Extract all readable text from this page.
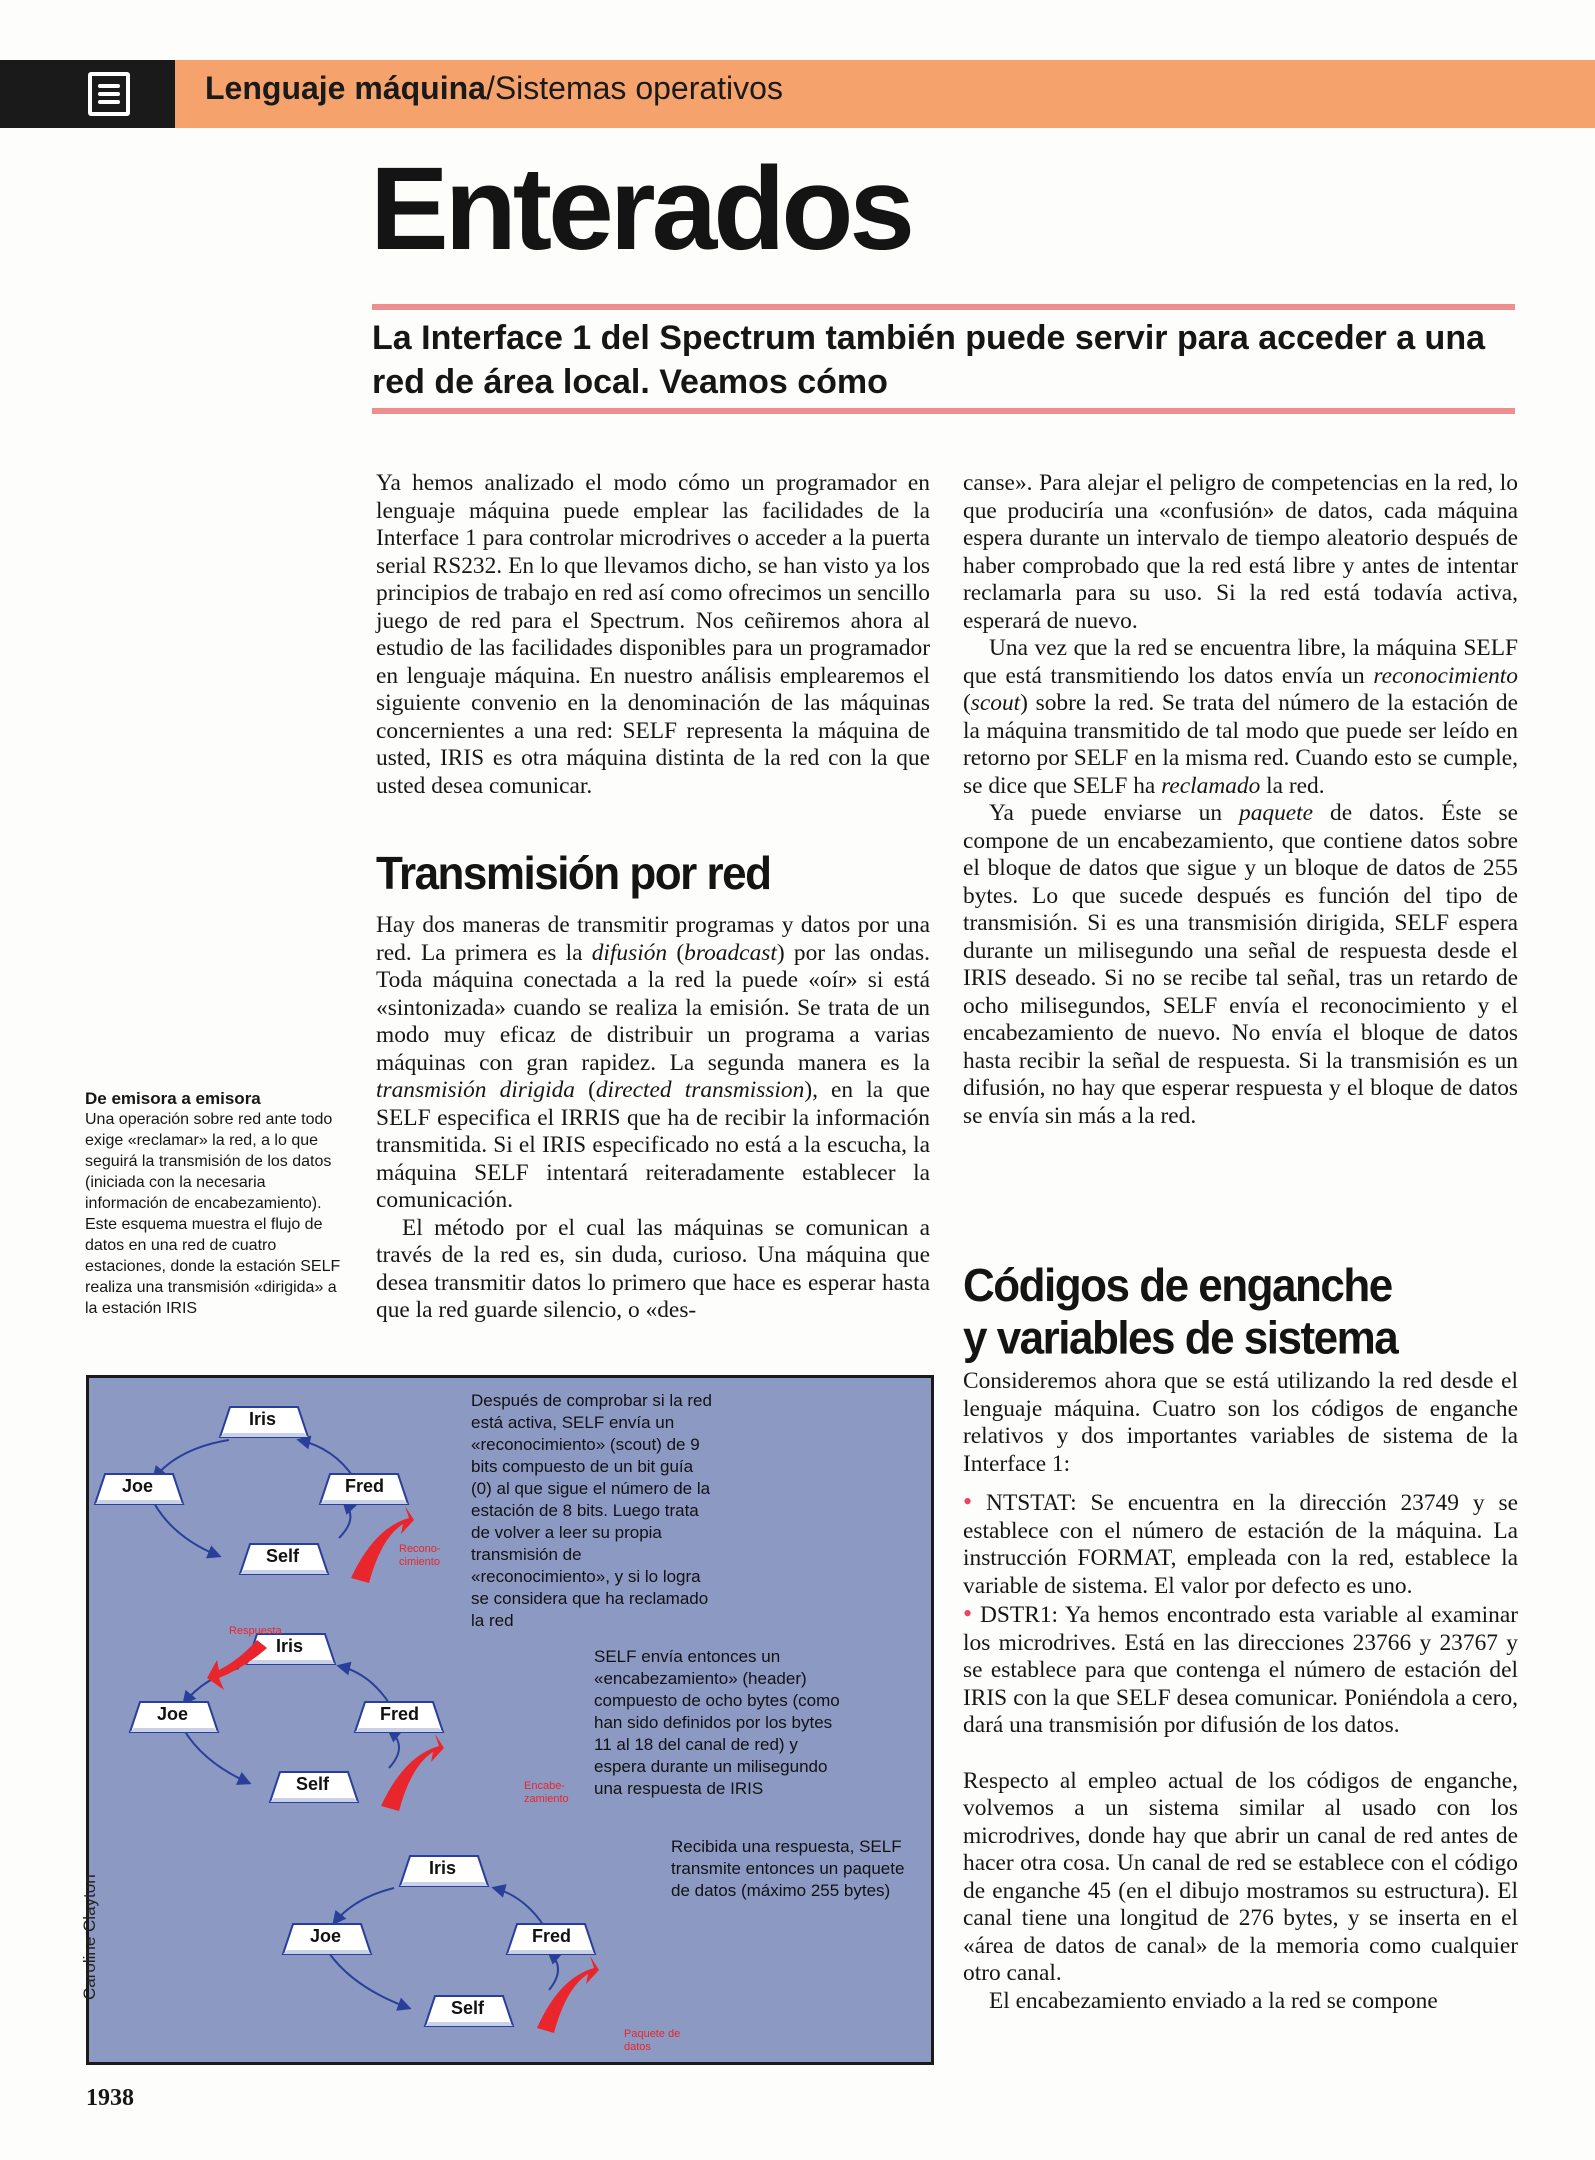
Lenguaje máquina/Sistemas operativos
Enterados
La Interface 1 del Spectrum también puede servir para acceder a una red de área local. Veamos cómo

Ya hemos analizado el modo cómo un programador en lenguaje máquina puede emplear las facilidades de la Interface 1 para controlar microdrives o acceder a la puerta serial RS232. En lo que llevamos dicho, se han visto ya los principios de trabajo en red así como ofrecimos un sencillo juego de red para el Spectrum. Nos ceñiremos ahora al estudio de las facilidades disponibles para un programador en lenguaje máquina. En nuestro análisis emplearemos el siguiente convenio en la denominación de las máquinas concernientes a una red: SELF representa la máquina de usted, IRIS es otra máquina distinta de la red con la que usted desea comunicar.

Transmisión por red

Hay dos maneras de transmitir programas y datos por una red. La primera es la difusión (broadcast) por las ondas. Toda máquina conectada a la red la puede «oír» si está «sintonizada» cuando se realiza la emisión. Se trata de un modo muy eficaz de distribuir un programa a varias máquinas con gran rapidez. La segunda manera es la transmisión dirigida (directed transmission), en la que SELF especifica el IRRIS que ha de recibir la información transmitida. Si el IRIS especificado no está a la escucha, la máquina SELF intentará reiteradamente establecer la comunicación.

El método por el cual las máquinas se comunican a través de la red es, sin duda, curioso. Una máquina que desea transmitir datos lo primero que hace es esperar hasta que la red guarde silencio, o «des-

canse». Para alejar el peligro de competencias en la red, lo que produciría una «confusión» de datos, cada máquina espera durante un intervalo de tiempo aleatorio después de haber comprobado que la red está libre y antes de intentar reclamarla para su uso. Si la red está todavía activa, esperará de nuevo.

Una vez que la red se encuentra libre, la máquina SELF que está transmitiendo los datos envía un reconocimiento (scout) sobre la red. Se trata del número de la estación de la máquina transmitido de tal modo que puede ser leído en retorno por SELF en la misma red. Cuando esto se cumple, se dice que SELF ha reclamado la red.

Ya puede enviarse un paquete de datos. Éste se compone de un encabezamiento, que contiene datos sobre el bloque de datos que sigue y un bloque de datos de 255 bytes. Lo que sucede después es función del tipo de transmisión. Si es una transmisión dirigida, SELF espera durante un milisegundo una señal de respuesta desde el IRIS deseado. Si no se recibe tal señal, tras un retardo de ocho milisegundos, SELF envía el reconocimiento y el encabezamiento de nuevo. No envía el bloque de datos hasta recibir la señal de respuesta. Si la transmisión es un difusión, no hay que esperar respuesta y el bloque de datos se envía sin más a la red.

Códigos de enganche
y variables de sistema

Consideremos ahora que se está utilizando la red desde el lenguaje máquina. Cuatro son los códigos de enganche relativos y dos importantes variables de sistema de la Interface 1:

• NTSTAT: Se encuentra en la dirección 23749 y se establece con el número de estación de la máquina. La instrucción FORMAT, empleada con la red, establece la variable de sistema. El valor por defecto es uno.

• DSTR1: Ya hemos encontrado esta variable al examinar los microdrives. Está en las direcciones 23766 y 23767 y se establece para que contenga el número de estación del IRIS con la que SELF desea comunicar. Poniéndola a cero, dará una transmisión por difusión de los datos.

Respecto al empleo actual de los códigos de enganche, volvemos a un sistema similar al usado con los microdrives, donde hay que abrir un canal de red antes de hacer otra cosa. Un canal de red se establece con el código de enganche 45 (en el dibujo mostramos su estructura). El canal tiene una longitud de 276 bytes, y se inserta en el «área de datos de canal» de la memoria como cualquier otro canal.

El encabezamiento enviado a la red se compone

De emisora a emisora
Una operación sobre red ante todo exige «reclamar» la red, a lo que seguirá la transmisión de los datos (iniciada con la necesaria información de encabezamiento). Este esquema muestra el flujo de datos en una red de cuatro estaciones, donde la estación SELF realiza una transmisión «dirigida» a la estación IRIS
Iris
Joe	Fred
Self
Iris
Joe	Fred
Self
Iris
Joe	Fred
Self
Recono-cimiento
Respuesta
Encabe-zamiento
Paquete de datos
Después de comprobar si la red está activa, SELF envía un «reconocimiento» (scout) de 9 bits compuesto de un bit guía (0) al que sigue el número de la estación de 8 bits. Luego trata de volver a leer su propia transmisión de «reconocimiento», y si lo logra se considera que ha reclamado la red
SELF envía entonces un «encabezamiento» (header) compuesto de ocho bytes (como han sido definidos por los bytes 11 al 18 del canal de red) y espera durante un milisegundo una respuesta de IRIS
Recibida una respuesta, SELF transmite entonces un paquete de datos (máximo 255 bytes)
Caroline Clayton
1938
